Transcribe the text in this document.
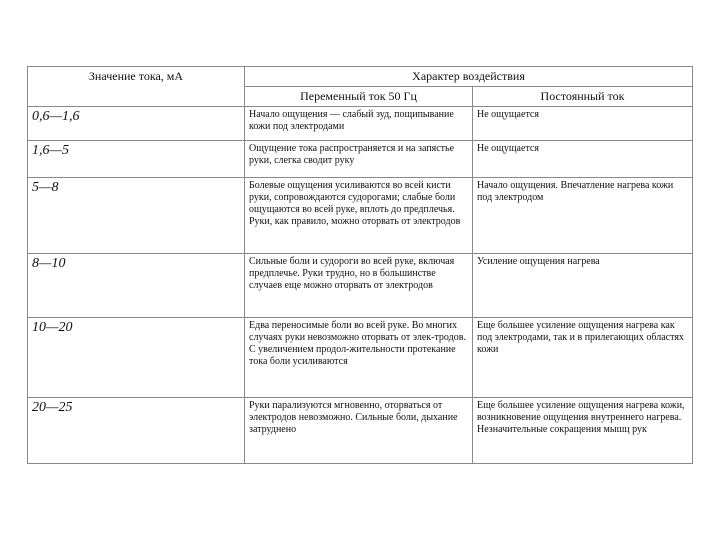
Значение тока, мА	Характер воздействия	
	Переменный ток 50 Гц	Постоянный ток
0,6—1,6	Начало ощущения — слабый зуд, пощипывание кожи под электродами	Не ощущается
1,6—5	Ощущение тока распространяется и на запястье руки, слегка сводит руку	Не ощущается
5—8	Болевые ощущения усиливаются во всей кисти руки, сопровождаются судорогами; слабые боли ощущаются во всей руке, вплоть до предплечья. Руки, как правило, можно оторвать от электродов	Начало ощущения. Впечатление нагрева кожи под электродом
8—10	Сильные боли и судороги во всей руке, включая предплечье. Руки трудно, но в большинстве случаев еще можно оторвать от электродов	Усиление ощущения нагрева
10—20	Едва переносимые боли во всей руке. Во многих случаях руки невозможно оторвать от элек-тродов. С увеличением продол-жительности протекание тока боли усиливаются	Еще большее усиление ощущения нагрева как под электродами, так и в прилегающих областях кожи
20—25	Руки парализуются мгновенно, оторваться от электродов невозможно. Сильные боли, дыхание затруднено	Еще большее усиление ощущения нагрева кожи, возникновение ощущения внутреннего нагрева. Незначительные сокращения мышц рук
